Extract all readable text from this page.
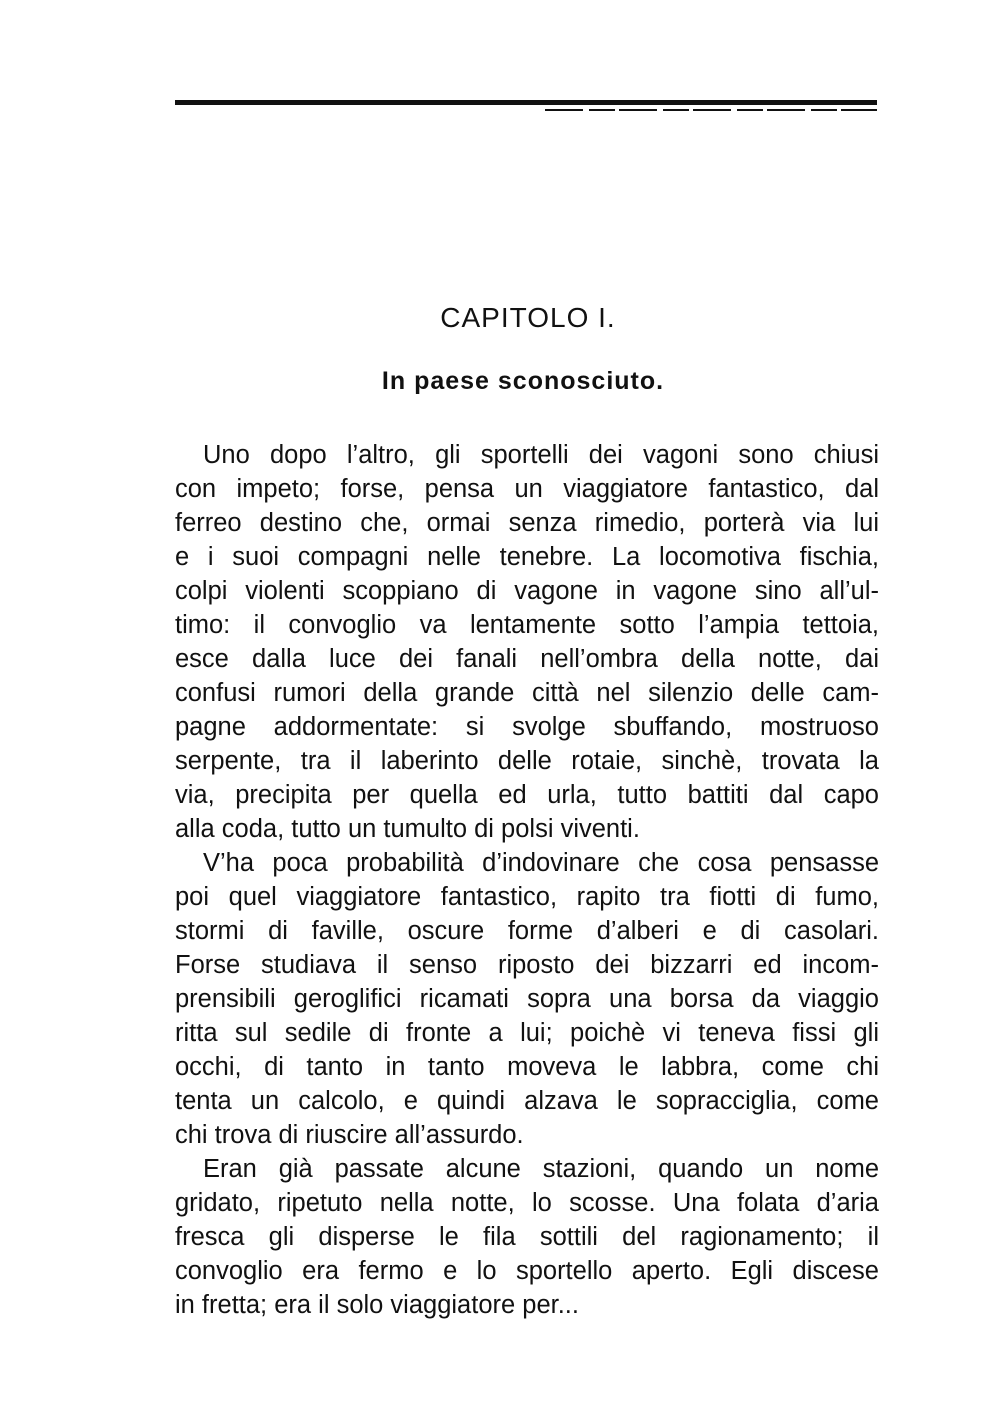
CAPITOLO I.
In paese sconosciuto.
Uno dopo l’altro, gli sportelli dei vagoni sono chiusi
con impeto; forse, pensa un viaggiatore fantastico, dal
ferreo destino che, ormai senza rimedio, porterà via lui
e i suoi compagni nelle tenebre. La locomotiva fischia,
colpi violenti scoppiano di vagone in vagone sino all’ul-
timo: il convoglio va lentamente sotto l’ampia tettoia,
esce dalla luce dei fanali nell’ombra della notte, dai
confusi rumori della grande città nel silenzio delle cam-
pagne addormentate: si svolge sbuffando, mostruoso
serpente, tra il laberinto delle rotaie, sinchè, trovata la
via, precipita per quella ed urla, tutto battiti dal capo
alla coda, tutto un tumulto di polsi viventi.
V’ha poca probabilità d’indovinare che cosa pensasse
poi quel viaggiatore fantastico, rapito tra fiotti di fumo,
stormi di faville, oscure forme d’alberi e di casolari.
Forse studiava il senso riposto dei bizzarri ed incom-
prensibili geroglifici ricamati sopra una borsa da viaggio
ritta sul sedile di fronte a lui; poichè vi teneva fissi gli
occhi, di tanto in tanto moveva le labbra, come chi
tenta un calcolo, e quindi alzava le sopracciglia, come
chi trova di riuscire all’assurdo.
Eran già passate alcune stazioni, quando un nome
gridato, ripetuto nella notte, lo scosse. Una folata d’aria
fresca gli disperse le fila sottili del ragionamento; il
convoglio era fermo e lo sportello aperto. Egli discese
in fretta; era il solo viaggiatore per...
